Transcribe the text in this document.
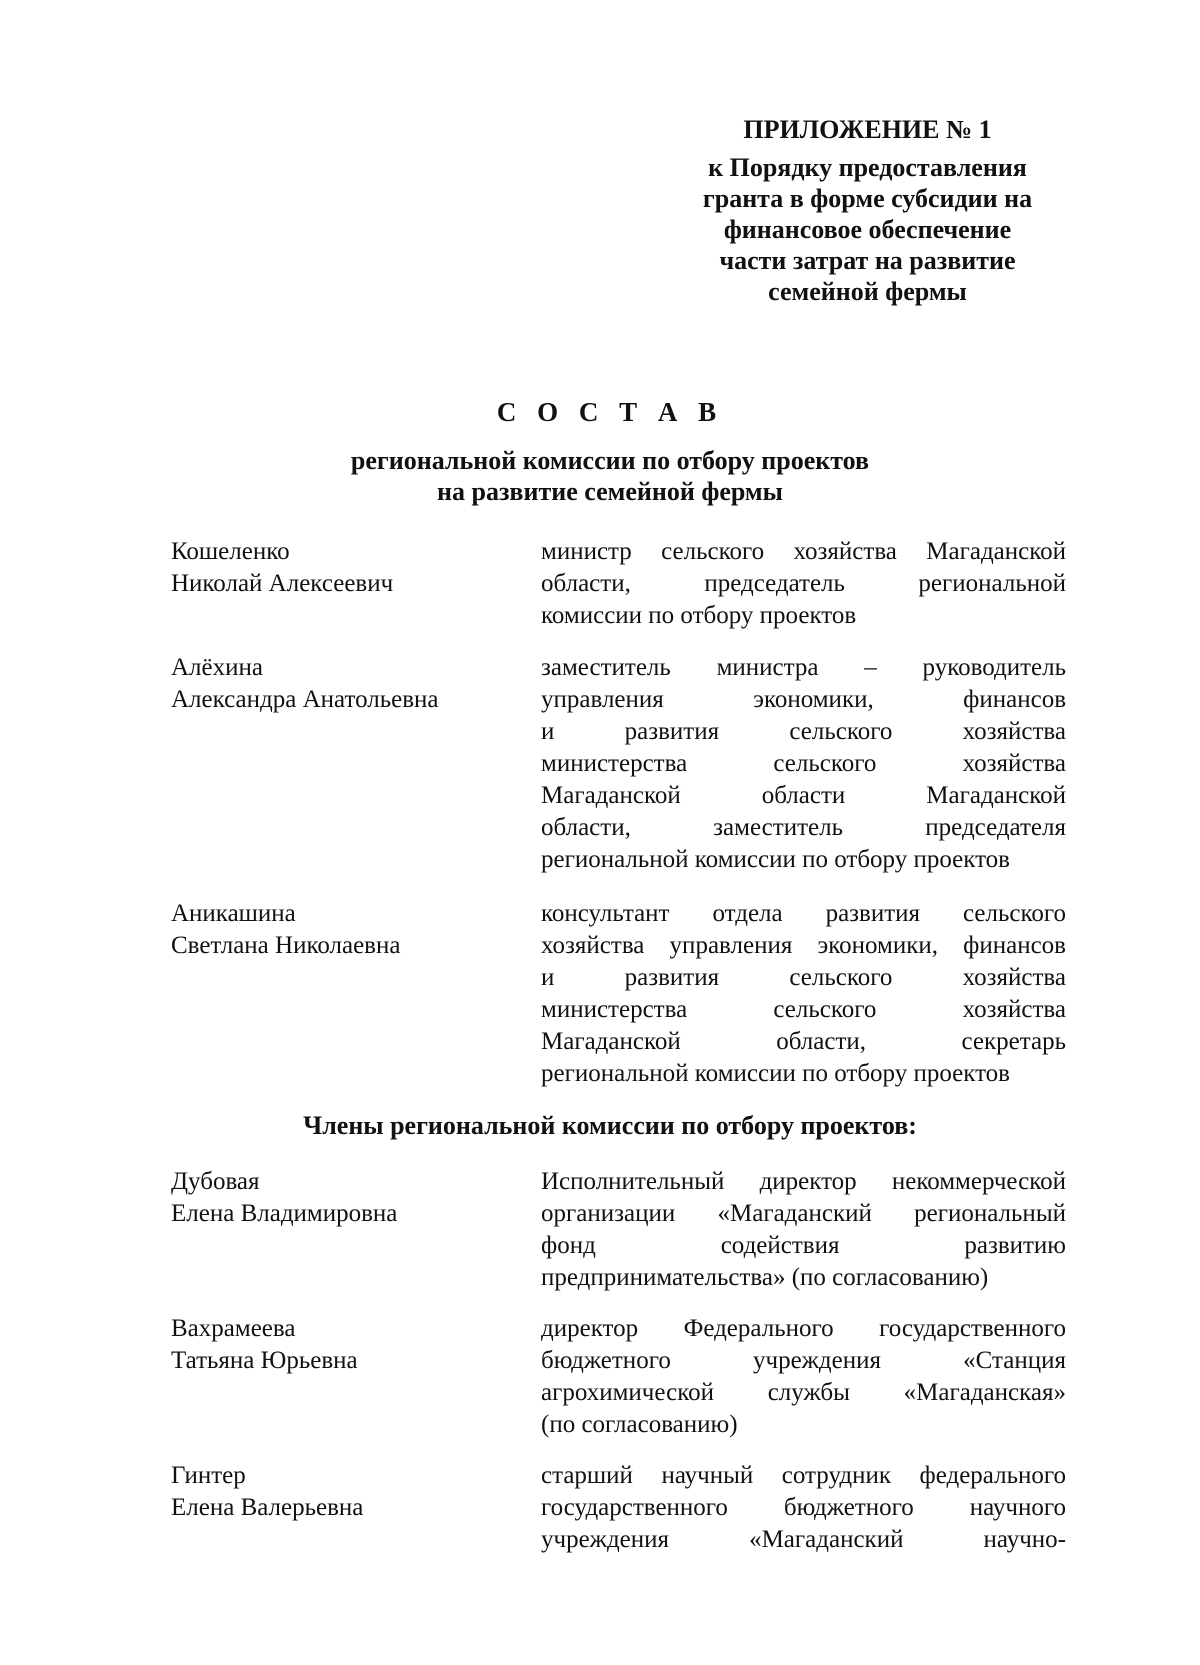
ПРИЛОЖЕНИЕ № 1
к Порядку предоставления
гранта в форме субсидии на
финансовое обеспечение
части затрат на развитие
семейной фермы
С О С Т А В
региональной комиссии по отбору проектов
на развитие семейной фермы
Кошеленко
Николай Алексеевич
министр сельского хозяйства Магаданской
области, председатель региональной
комиссии по отбору проектов
Алёхина
Александра Анатольевна
заместитель министра – руководитель
управления экономики, финансов
и развития сельского хозяйства
министерства сельского хозяйства
Магаданской области Магаданской
области, заместитель председателя
региональной комиссии по отбору проектов
Аникашина
Светлана Николаевна
консультант отдела развития сельского
хозяйства управления экономики, финансов
и развития сельского хозяйства
министерства сельского хозяйства
Магаданской области, секретарь
региональной комиссии по отбору проектов
Члены региональной комиссии по отбору проектов:
Дубовая
Елена Владимировна
Исполнительный директор некоммерческой
организации «Магаданский региональный
фонд содействия развитию
предпринимательства» (по согласованию)
Вахрамеева
Татьяна Юрьевна
директор Федерального государственного
бюджетного учреждения «Станция
агрохимической службы «Магаданская»
(по согласованию)
Гинтер
Елена Валерьевна
старший научный сотрудник федерального
государственного бюджетного научного
учреждения «Магаданский научно-
